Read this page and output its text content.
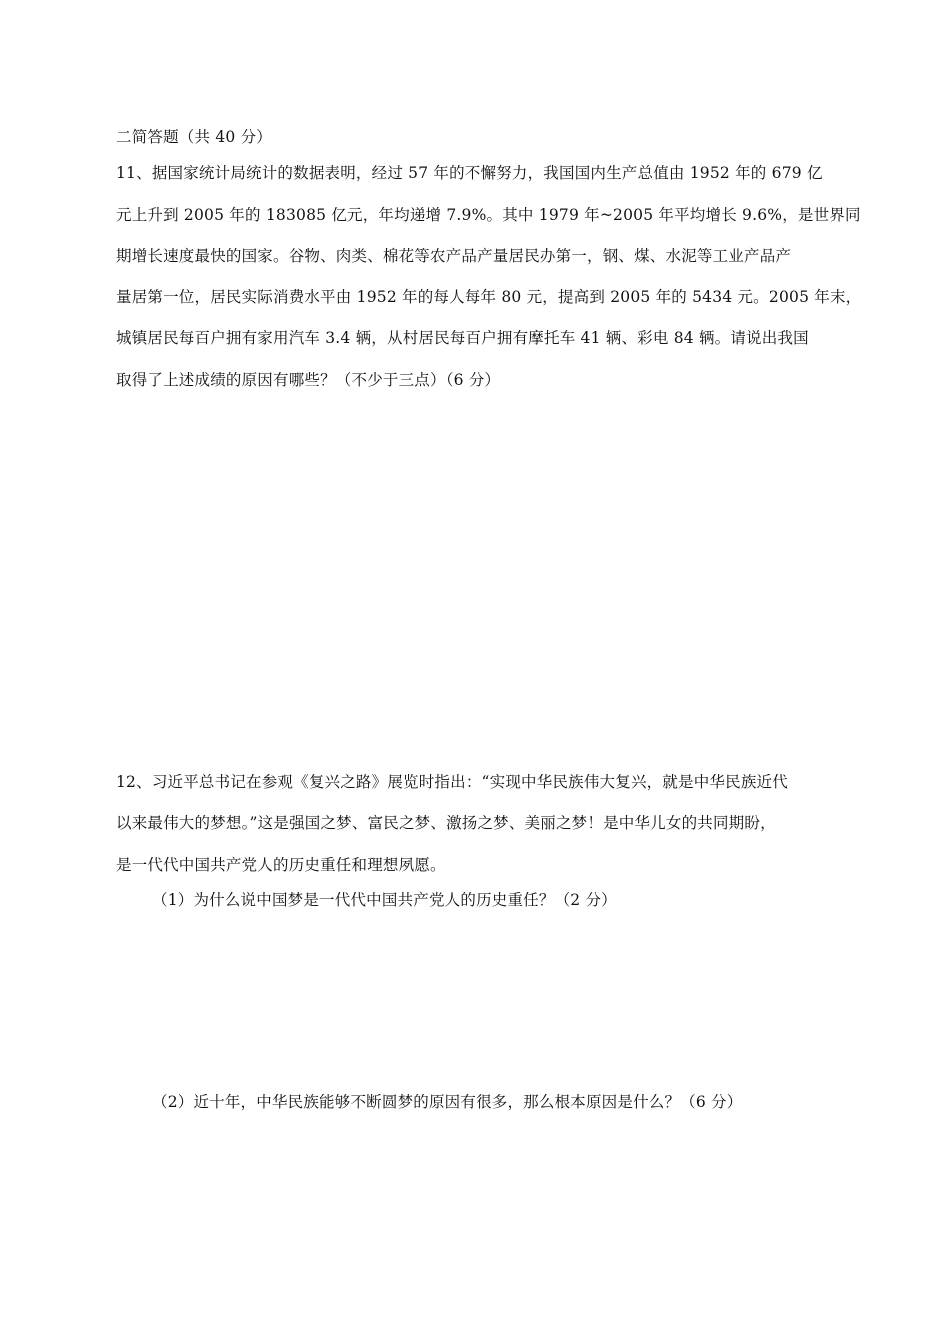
二简答题（共 40 分）
11、据国家统计局统计的数据表明，经过 57 年的不懈努力，我国国内生产总值由 1952 年的 679 亿
元上升到 2005 年的 183085 亿元，年均递增 7.9%。其中 1979 年~2005 年平均增长 9.6%，是世界同
期增长速度最快的国家。谷物、肉类、棉花等农产品产量居民办第一，钢、煤、水泥等工业产品产
量居第一位，居民实际消费水平由 1952 年的每人每年 80 元，提高到 2005 年的 5434 元。2005 年末，
城镇居民每百户拥有家用汽车 3.4 辆，从村居民每百户拥有摩托车 41 辆、彩电 84 辆。请说出我国
取得了上述成绩的原因有哪些？（不少于三点）（6 分）
12、习近平总书记在参观《复兴之路》展览时指出：“实现中华民族伟大复兴，就是中华民族近代
以来最伟大的梦想。”这是强国之梦、富民之梦、激扬之梦、美丽之梦！是中华儿女的共同期盼，
是一代代中国共产党人的历史重任和理想夙愿。
（1）为什么说中国梦是一代代中国共产党人的历史重任？（2 分）
（2）近十年，中华民族能够不断圆梦的原因有很多，那么根本原因是什么？（6 分）
